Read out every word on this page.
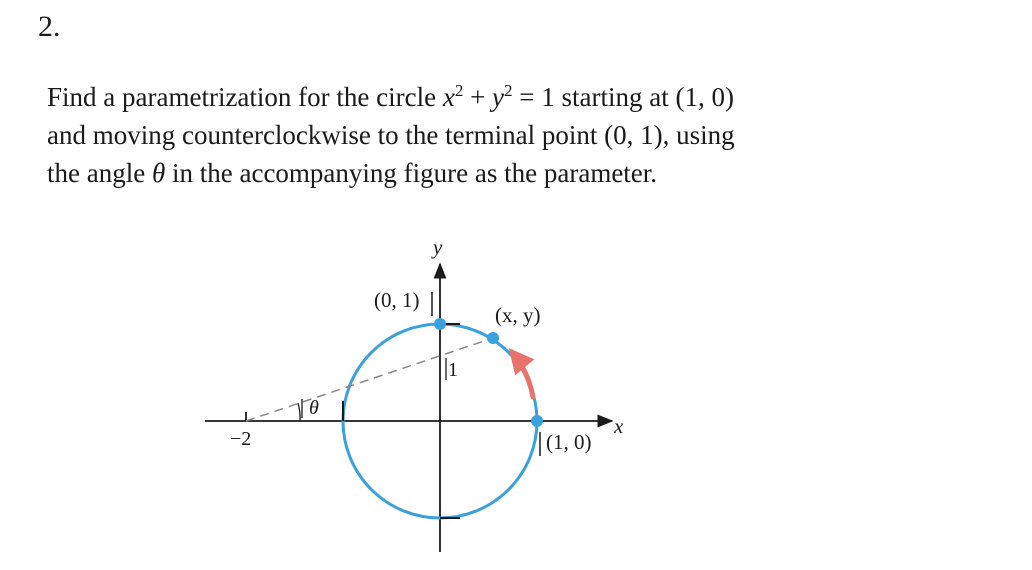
2.
Find a parametrization for the circle $x^2 + y^2 = 1$ starting at (1, 0)
and moving counterclockwise to the terminal point (0, 1), using
the angle θ in the accompanying figure as the parameter.
y
x
(0, 1)
(x, y)
(1, 0)
1
−2
θ
